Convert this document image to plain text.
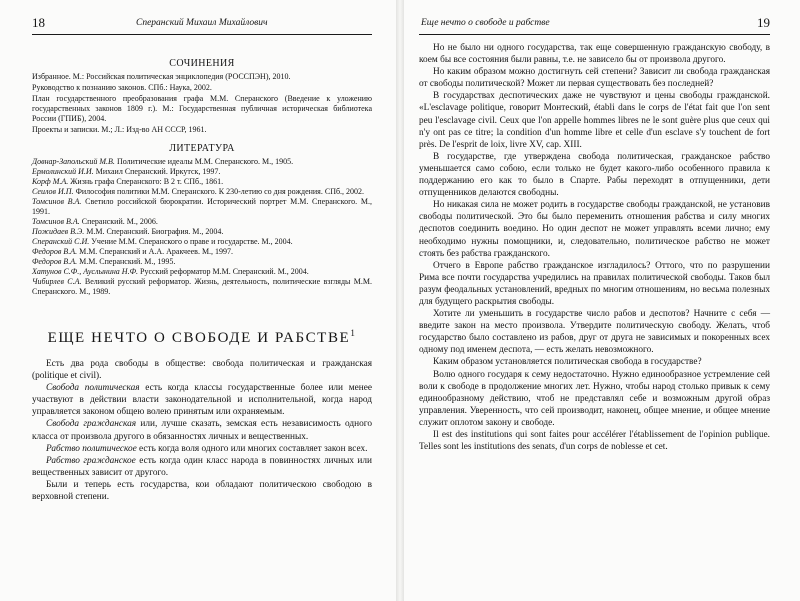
18	Сперанский Михаил Михайлович
СОЧИНЕНИЯ

Избранное. М.: Российская политическая энциклопедия (РОССПЭН), 2010.

Руководство к познанию законов. СПб.: Наука, 2002.

План государственного преобразования графа М.М. Сперанского (Введение к уложению государственных законов 1809 г.). М.: Государственная публичная историческая библиотека России (ГПИБ), 2004.

Проекты и записки. М.; Л.: Изд-во АН СССР, 1961.

ЛИТЕРАТУРА

Довнар-Запольский М.В. Политические идеалы М.М. Сперанского. М., 1905.

Ермолинский И.И. Михаил Сперанский. Иркутск, 1997.

Корф М.А. Жизнь графа Сперанского: В 2 т. СПб., 1861.

Сеилов И.П. Философия политики М.М. Сперанского. К 230-летию со дня рождения. СПб., 2002.

Томсинов В.А. Светило российской бюрократии. Исторический портрет М.М. Сперанского. М., 1991.

Томсинов В.А. Сперанский. М., 2006.

Пожидаев В.Э. М.М. Сперанский. Биография. М., 2004.

Сперанский С.И. Учение М.М. Сперанского о праве и государстве. М., 2004.

Федоров В.А. М.М. Сперанский и А.А. Аракчеев. М., 1997.

Федоров В.А. М.М. Сперанский. М., 1995.

Хатунов С.Ф., Ауслынина Н.Ф. Русский реформатор М.М. Сперанский. М., 2004.

Чибирлев С.А. Великий русский реформатор. Жизнь, деятельность, политические взгляды М.М. Сперанского. М., 1989.

ЕЩЕ НЕЧТО О СВОБОДЕ И РАБСТВЕ$^1$

Есть два рода свободы в обществе: свобода политическая и гражданская (politique et civil).

Свобода политическая есть когда классы государственные более или менее участвуют в действии власти законодательной и исполнительной, когда народ управляется законом общею волею принятым или охраняемым.

Свобода гражданская или, лучше сказать, земская есть независимость одного класса от произвола другого в обязанностях личных и вещественных.

Рабство политическое есть когда воля одного или многих составляет закон всех.

Рабство гражданское есть когда один класс народа в повинностях личных или вещественных зависит от другого.

Были и теперь есть государства, кои обладают политическою свободою в верховной степени.

Еще нечто о свободе и рабстве	19

Но не было ни одного государства, так еще совершенную гражданскую свободу, в коем бы все состояния были равны, т.е. не зависело бы от произвола другого.

Но каким образом можно достигнуть сей степени? Зависит ли свобода гражданская от свободы политической? Может ли первая существовать без последней?

В государствах деспотических даже не чувствуют и цены свободы гражданской. «L'esclavage politique, говорит Монтеский, établi dans le corps de l'état fait que l'on sent peu l'esclavage civil. Ceux que l'on appelle hommes libres ne le sont guère plus que ceux qui n'y ont pas ce titre; la condition d'un homme libre et celle d'un esclave s'y touchent de fort près. De l'esprit de loix, livre XV, cap. XIII.

В государстве, где утверждена свобода политическая, гражданское рабство уменьшается само собою, если только не будет какого-либо особенного правила к поддержанию его как то было в Спарте. Рабы переходят в отпущенники, дети отпущенников делаются свободны.

Но никакая сила не может родить в государстве свободы гражданской, не установив свободы политической. Это бы было переменить отношения рабства и силу многих деспотов соединить воедино. Но один деспот не может управлять всеми лично; ему необходимо нужны помощники, и, следовательно, политическое рабство не может стоять без рабства гражданского.

Отчего в Европе рабство гражданское изгладилось? Оттого, что по разрушении Рима все почти государства учредились на правилах политической свободы. Таков был разум феодальных установлений, вредных по многим отношениям, но весьма полезных для будущего раскрытия свободы.

Хотите ли уменьшить в государстве число рабов и деспотов? Начните с себя — введите закон на место произвола. Утвердите политическую свободу. Желать, чтоб государство было составлено из рабов, друг от друга не зависимых и покоренных всех одному под именем деспота, — есть желать невозможного.

Каким образом установляется политическая свобода в государстве?

Волю одного государя к сему недостаточно. Нужно единообразное устремление сей воли к свободе в продолжение многих лет. Нужно, чтобы народ столько привык к сему единообразному действию, чтоб не представлял себе и возможным другой образ управления. Уверенность, что сей производит, наконец, общее мнение, и общее мнение служит оплотом закону и свободе.

Il est des institutions qui sont faites pour accélérer l'établissement de l'opinion publique. Telles sont les institutions des senats, d'un corps de noblesse et cet.
